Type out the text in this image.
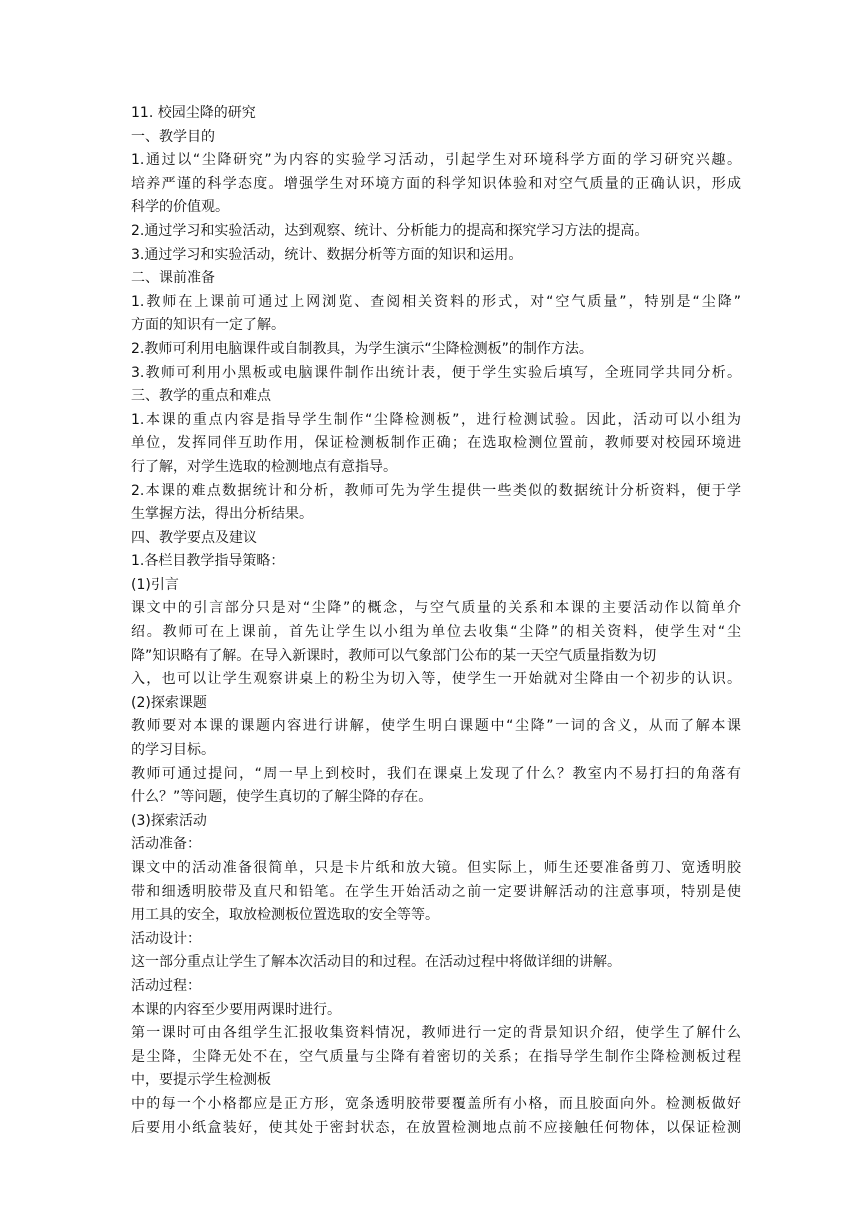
11. 校园尘降的研究
一、教学目的
1.通过以“尘降研究”为内容的实验学习活动，引起学生对环境科学方面的学习研究兴趣。
培养严谨的科学态度。增强学生对环境方面的科学知识体验和对空气质量的正确认识，形成
科学的价值观。
2.通过学习和实验活动，达到观察、统计、分析能力的提高和探究学习方法的提高。
3.通过学习和实验活动，统计、数据分析等方面的知识和运用。
二、课前准备
1.教师在上课前可通过上网浏览、查阅相关资料的形式，对“空气质量”，特别是“尘降”
方面的知识有一定了解。
2.教师可利用电脑课件或自制教具，为学生演示“尘降检测板”的制作方法。
3.教师可利用小黑板或电脑课件制作出统计表，便于学生实验后填写，全班同学共同分析。
三、教学的重点和难点
1.本课的重点内容是指导学生制作“尘降检测板”，进行检测试验。因此，活动可以小组为
单位，发挥同伴互助作用，保证检测板制作正确；在选取检测位置前，教师要对校园环境进
行了解，对学生选取的检测地点有意指导。
2.本课的难点数据统计和分析，教师可先为学生提供一些类似的数据统计分析资料，便于学
生掌握方法，得出分析结果。
四、教学要点及建议
1.各栏目教学指导策略：
(1)引言
课文中的引言部分只是对“尘降”的概念，与空气质量的关系和本课的主要活动作以简单介
绍。教师可在上课前，首先让学生以小组为单位去收集“尘降”的相关资料，使学生对“尘
降”知识略有了解。在导入新课时，教师可以气象部门公布的某一天空气质量指数为切
入，也可以让学生观察讲桌上的粉尘为切入等，使学生一开始就对尘降由一个初步的认识。
(2)探索课题
教师要对本课的课题内容进行讲解，使学生明白课题中“尘降”一词的含义，从而了解本课
的学习目标。
教师可通过提问，“周一早上到校时，我们在课桌上发现了什么？教室内不易打扫的角落有
什么？”等问题，使学生真切的了解尘降的存在。
(3)探索活动
活动准备：
课文中的活动准备很简单，只是卡片纸和放大镜。但实际上，师生还要准备剪刀、宽透明胶
带和细透明胶带及直尺和铅笔。在学生开始活动之前一定要讲解活动的注意事项，特别是使
用工具的安全，取放检测板位置选取的安全等等。
活动设计：
这一部分重点让学生了解本次活动目的和过程。在活动过程中将做详细的讲解。
活动过程：
本课的内容至少要用两课时进行。
第一课时可由各组学生汇报收集资料情况，教师进行一定的背景知识介绍，使学生了解什么
是尘降，尘降无处不在，空气质量与尘降有着密切的关系；在指导学生制作尘降检测板过程
中，要提示学生检测板
中的每一个小格都应是正方形，宽条透明胶带要覆盖所有小格，而且胶面向外。检测板做好
后要用小纸盒装好，使其处于密封状态，在放置检测地点前不应接触任何物体，以保证检测
